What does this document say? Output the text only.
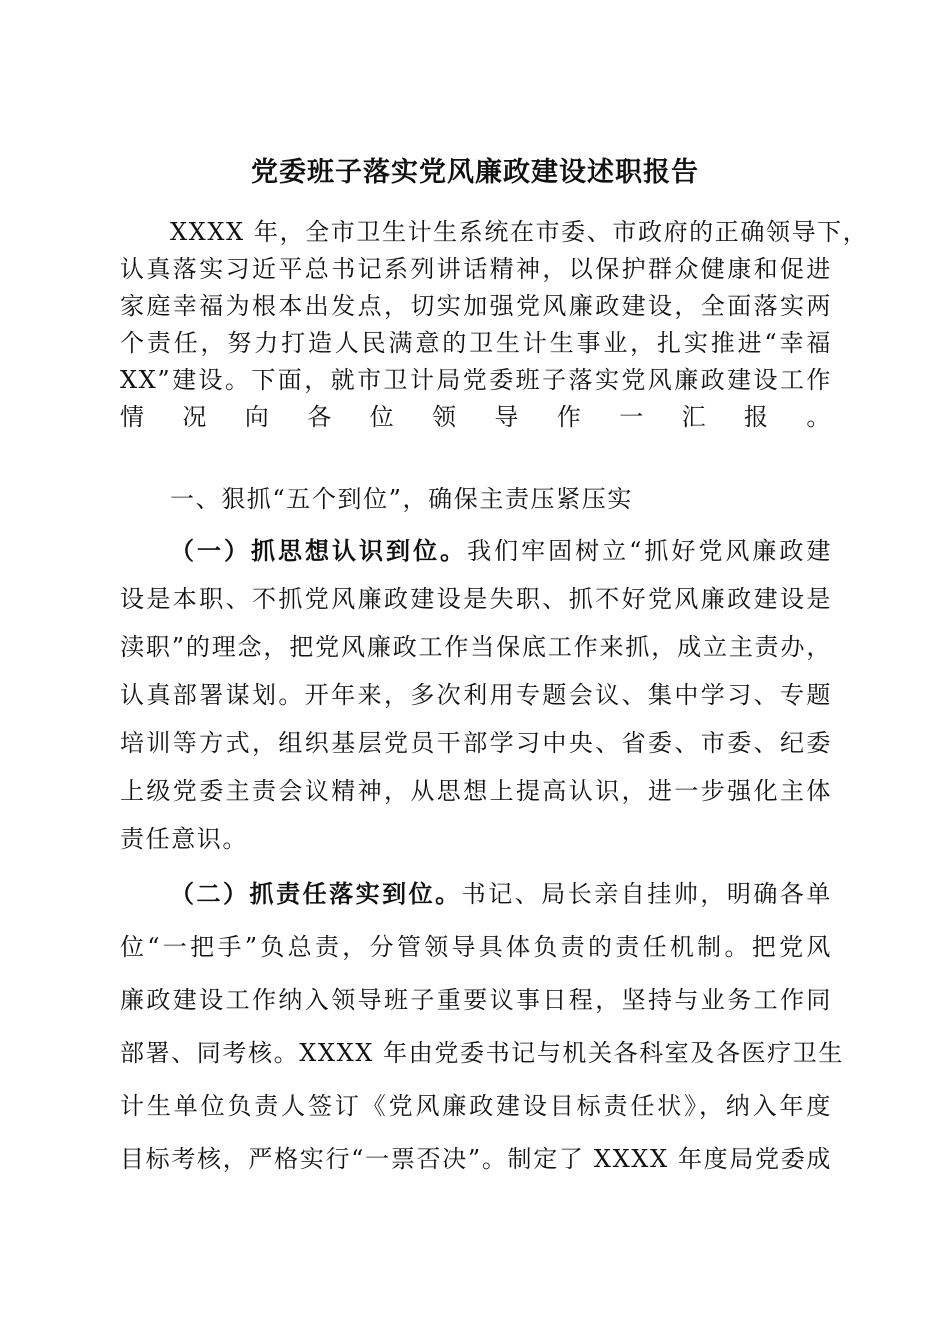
党委班子落实党风廉政建设述职报告
XXXX 年，全市卫生计生系统在市委、市政府的正确领导下，
认真落实习近平总书记系列讲话精神，以保护群众健康和促进
家庭幸福为根本出发点，切实加强党风廉政建设，全面落实两
个责任，努力打造人民满意的卫生计生事业，扎实推进“幸福
XX”建设。下面，就市卫计局党委班子落实党风廉政建设工作
情况向各位领导作一汇报。
一、狠抓“五个到位”，确保主责压紧压实
（一）抓思想认识到位。我们牢固树立“抓好党风廉政建
设是本职、不抓党风廉政建设是失职、抓不好党风廉政建设是
渎职”的理念，把党风廉政工作当保底工作来抓，成立主责办，
认真部署谋划。开年来，多次利用专题会议、集中学习、专题
培训等方式，组织基层党员干部学习中央、省委、市委、纪委
上级党委主责会议精神，从思想上提高认识，进一步强化主体
责任意识。
（二）抓责任落实到位。书记、局长亲自挂帅，明确各单
位“一把手”负总责，分管领导具体负责的责任机制。把党风
廉政建设工作纳入领导班子重要议事日程，坚持与业务工作同
部署、同考核。XXXX 年由党委书记与机关各科室及各医疗卫生
计生单位负责人签订《党风廉政建设目标责任状》，纳入年度
目标考核，严格实行“一票否决”。制定了 XXXX 年度局党委成
